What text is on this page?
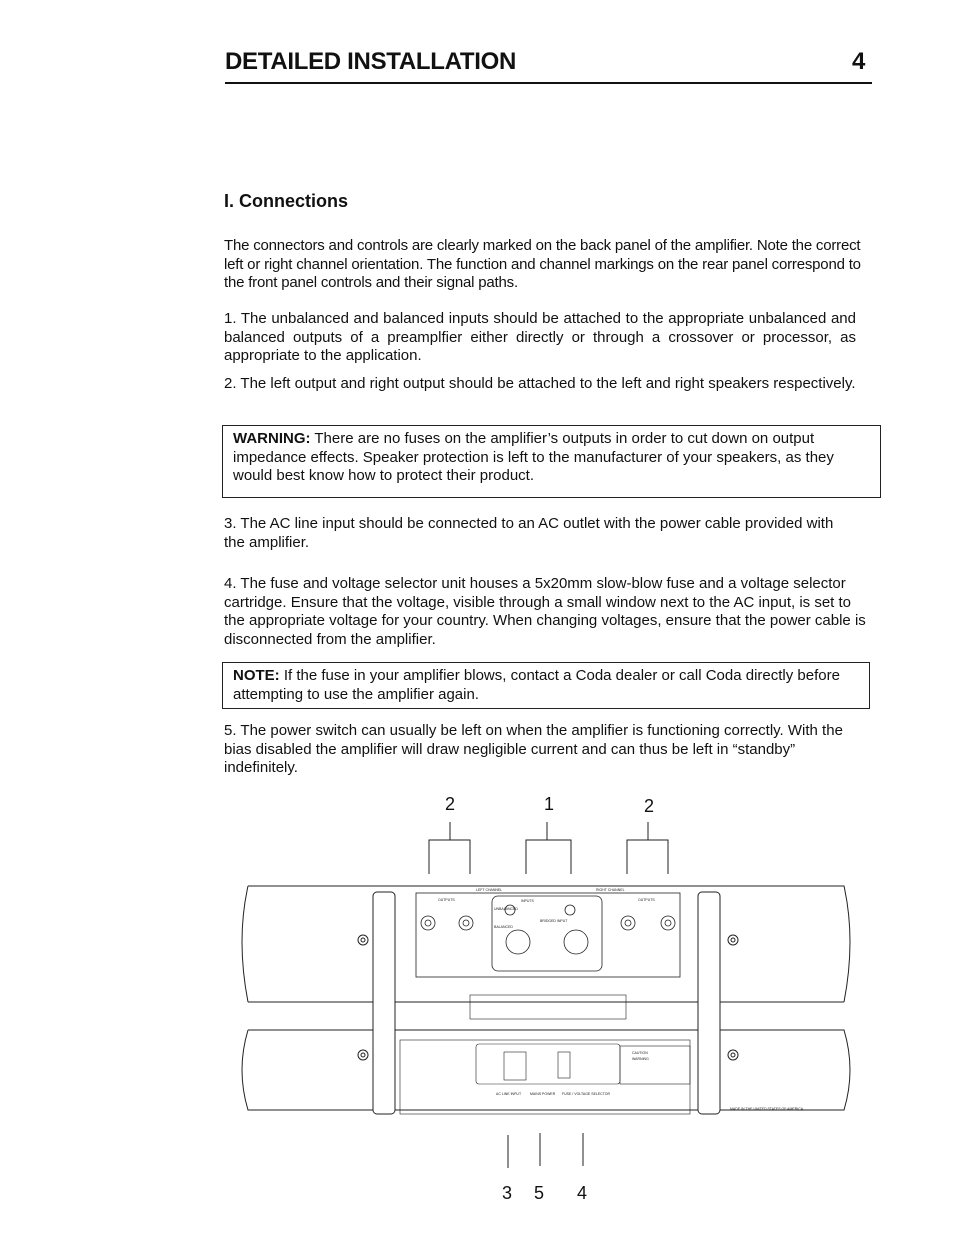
DETAILED INSTALLATION	4
I. Connections

The connectors and controls are clearly marked on the back panel of the amplifier. Note the correct left or right channel orientation. The function and channel markings on the rear panel correspond to the front panel controls and their signal paths.

1. The unbalanced and balanced inputs should be attached to the appropriate unbalanced and balanced outputs of a preamplfier either directly or through a crossover or processor, as appropriate to the application.

2. The left output and right output should be attached to the left and right speakers respectively.

WARNING: There are no fuses on the amplifier’s outputs in order to cut down on output impedance effects. Speaker protection is left to the manufacturer of your speakers, as they would best know how to protect their product.

3. The AC line input should be connected to an AC outlet with the power cable provided with the amplifier.

4. The fuse and voltage selector unit houses a 5x20mm slow-blow fuse and a voltage selector cartridge. Ensure that the voltage, visible through a small window next to the AC input, is set to the appropriate voltage for your country. When changing voltages, ensure that the power cable is disconnected from the amplifier.

NOTE: If the fuse in your amplifier blows, contact a Coda dealer or call Coda directly before attempting to use the amplifier again.

5. The power switch can usually be left on when the amplifier is functioning correctly. With the bias disabled the amplifier will draw negligible current and can thus be left in “standby” indefinitely.

2	1	2
LEFT CHANNEL	RIGHT CHANNEL
OUTPUTS	OUTPUTS
INPUTS
UNBALANCED
BALANCED
BRIDGED INPUT
CAUTION
WARNING
AC LINE INPUT	MAINS POWER FUSE / VOLTAGE SELECTOR
MADE IN THE UNITED STATES OF AMERICA
3 5 4
